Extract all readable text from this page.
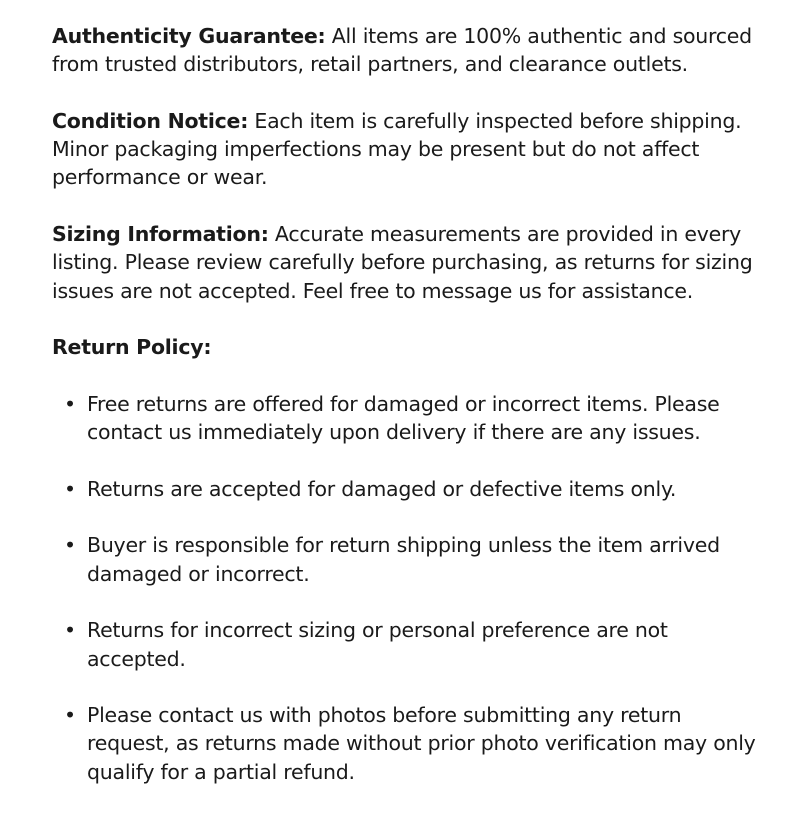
Authenticity Guarantee: All items are 100% authentic and sourced from trusted distributors, retail partners, and clearance outlets.

Condition Notice: Each item is carefully inspected before shipping. Minor packaging imperfections may be present but do not affect performance or wear.

Sizing Information: Accurate measurements are provided in every listing. Please review carefully before purchasing, as returns for sizing issues are not accepted. Feel free to message us for assistance.

Return Policy:

• Free returns are offered for damaged or incorrect items. Please contact us immediately upon delivery if there are any issues.
• Returns are accepted for damaged or defective items only.
• Buyer is responsible for return shipping unless the item arrived damaged or incorrect.
• Returns for incorrect sizing or personal preference are not accepted.
• Please contact us with photos before submitting any return request, as returns made without prior photo verification may only qualify for a partial refund.
